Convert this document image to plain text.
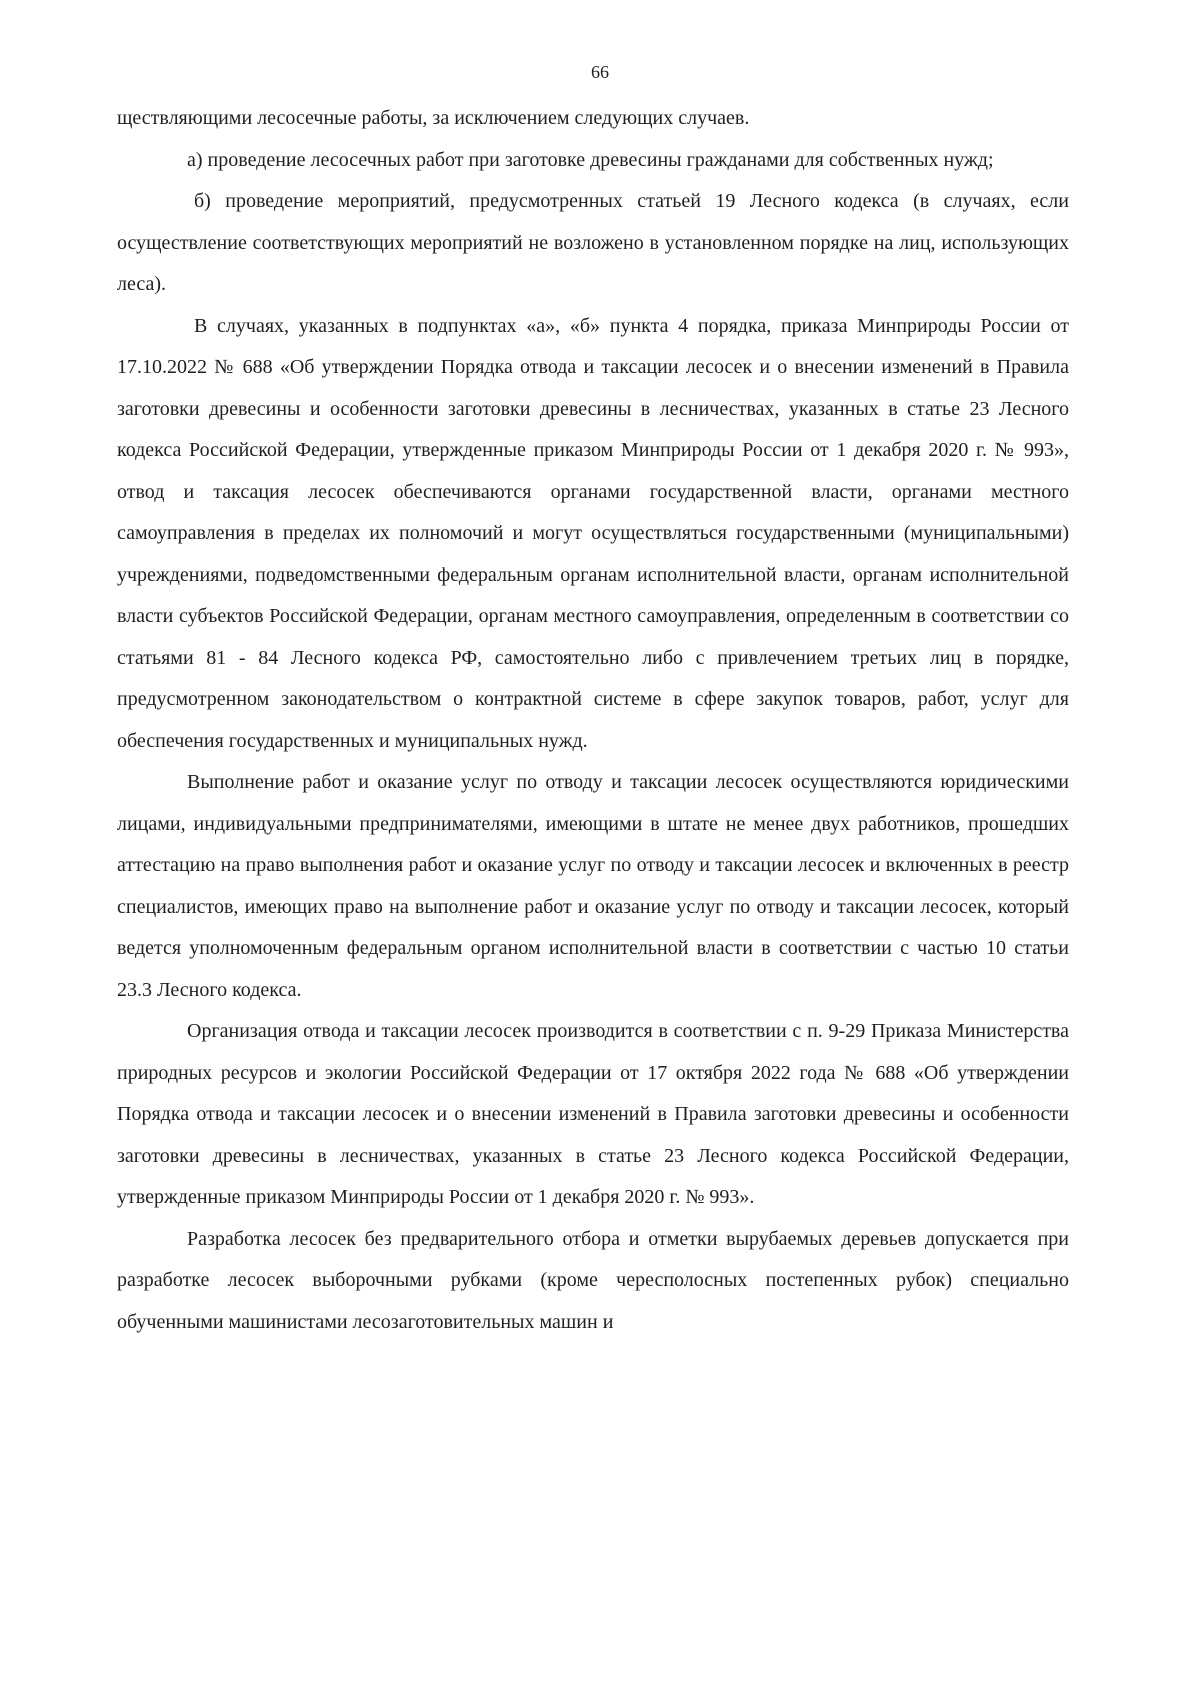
66

ществляющими лесосечные работы, за исключением следующих случаев.

а) проведение лесосечных работ при заготовке древесины гражданами для собственных нужд;

б) проведение мероприятий, предусмотренных статьей 19 Лесного кодекса (в случаях, если осуществление соответствующих мероприятий не возложено в установленном порядке на лиц, использующих леса).

В случаях, указанных в подпунктах «а», «б» пункта 4 порядка, приказа Минприроды России от 17.10.2022 № 688 «Об утверждении Порядка отвода и таксации лесосек и о внесении изменений в Правила заготовки древесины и особенности заготовки древесины в лесничествах, указанных в статье 23 Лесного кодекса Российской Федерации, утвержденные приказом Минприроды России от 1 декабря 2020 г. № 993», отвод и таксация лесосек обеспечиваются органами государственной власти, органами местного самоуправления в пределах их полномочий и могут осуществляться государственными (муниципальными) учреждениями, подведомственными федеральным органам исполнительной власти, органам исполнительной власти субъектов Российской Федерации, органам местного самоуправления, определенным в соответствии со статьями 81 - 84 Лесного кодекса РФ, самостоятельно либо с привлечением третьих лиц в порядке, предусмотренном законодательством о контрактной системе в сфере закупок товаров, работ, услуг для обеспечения государственных и муниципальных нужд.

Выполнение работ и оказание услуг по отводу и таксации лесосек осуществляются юридическими лицами, индивидуальными предпринимателями, имеющими в штате не менее двух работников, прошедших аттестацию на право выполнения работ и оказание услуг по отводу и таксации лесосек и включенных в реестр специалистов, имеющих право на выполнение работ и оказание услуг по отводу и таксации лесосек, который ведется уполномоченным федеральным органом исполнительной власти в соответствии с частью 10 статьи 23.3 Лесного кодекса.

Организация отвода и таксации лесосек производится в соответствии с п. 9-29 Приказа Министерства природных ресурсов и экологии Российской Федерации от 17 октября 2022 года № 688 «Об утверждении Порядка отвода и таксации лесосек и о внесении изменений в Правила заготовки древесины и особенности заготовки древесины в лесничествах, указанных в статье 23 Лесного кодекса Российской Федерации, утвержденные приказом Минприроды России от 1 декабря 2020 г. № 993».

Разработка лесосек без предварительного отбора и отметки вырубаемых деревьев допускается при разработке лесосек выборочными рубками (кроме чересполосных постепенных рубок) специально обученными машинистами лесозаготовительных машин и
